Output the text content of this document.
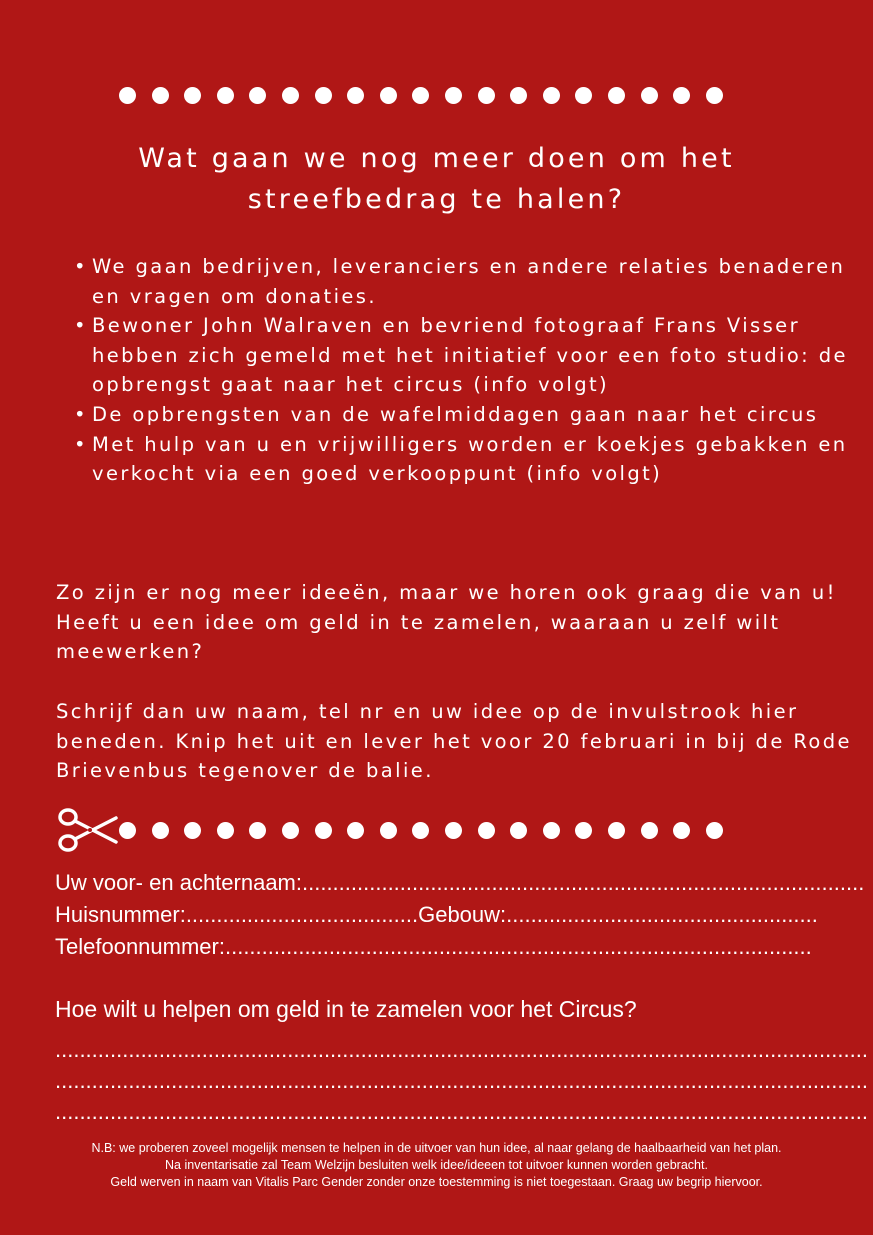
Wat gaan we nog meer doen om het streefbedrag te halen?
• We gaan bedrijven, leveranciers en andere relaties benaderen en vragen om donaties.
• Bewoner John Walraven en bevriend fotograaf Frans Visser hebben zich gemeld met het initiatief voor een foto studio: de opbrengst gaat naar het circus (info volgt)
• De opbrengsten van de wafelmiddagen gaan naar het circus
• Met hulp van u en vrijwilligers worden er koekjes gebakken en verkocht via een goed verkooppunt (info volgt)

Zo zijn er nog meer ideeën, maar we horen ook graag die van u! Heeft u een idee om geld in te zamelen, waaraan u zelf wilt meewerken?

Schrijf dan uw naam, tel nr en uw idee op de invulstrook hier beneden. Knip het uit en lever het voor 20 februari in bij de Rode Brievenbus tegenover de balie.

Uw voor- en achternaam:............................................................................................
Huisnummer:......................................Gebouw:...................................................
Telefoonnummer:................................................................................................
Hoe wilt u helpen om geld in te zamelen voor het Circus?
.....................................................................................................................................
.....................................................................................................................................
.....................................................................................................................................
N.B: we proberen zoveel mogelijk mensen te helpen in de uitvoer van hun idee, al naar gelang de haalbaarheid van het plan.
Na inventarisatie zal Team Welzijn besluiten welk idee/ideeen tot uitvoer kunnen worden gebracht.
Geld werven in naam van Vitalis Parc Gender zonder onze toestemming is niet toegestaan. Graag uw begrip hiervoor.
